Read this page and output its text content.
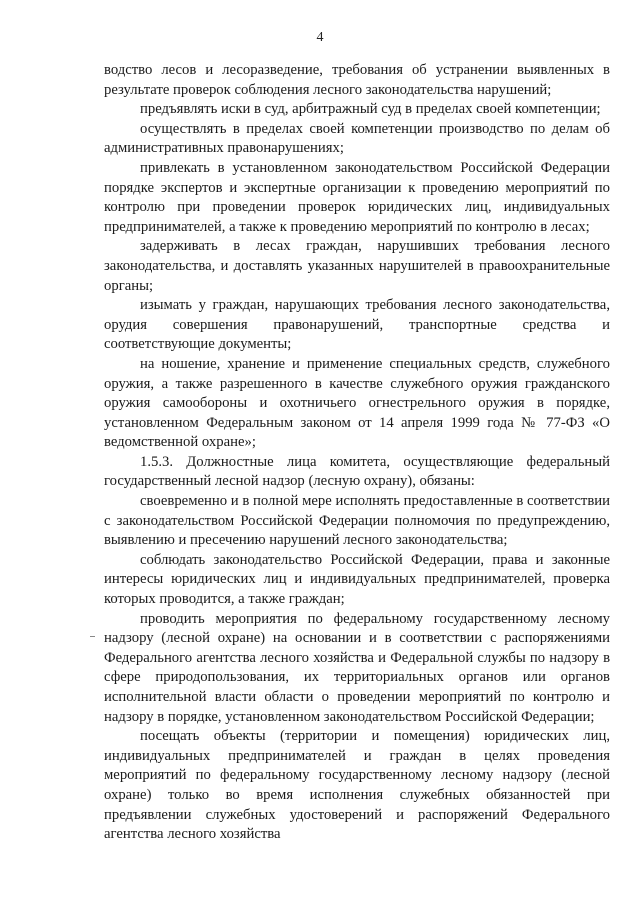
4

водство лесов и лесоразведение, требования об устранении выявленных в результате проверок соблюдения лесного законодательства нарушений;

предъявлять иски в суд, арбитражный суд в пределах своей компетенции;

осуществлять в пределах своей компетенции производство по делам об административных правонарушениях;

привлекать в установленном законодательством Российской Федерации порядке экспертов и экспертные организации к проведению мероприятий по контролю при проведении проверок юридических лиц, индивидуальных предпринимателей, а также к проведению мероприятий по контролю в лесах;

задерживать в лесах граждан, нарушивших требования лесного законодательства, и доставлять указанных нарушителей в правоохранительные органы;

изымать у граждан, нарушающих требования лесного законодательства, орудия совершения правонарушений, транспортные средства и соответствующие документы;

на ношение, хранение и применение специальных средств, служебного оружия, а также разрешенного в качестве служебного оружия гражданского оружия самообороны и охотничьего огнестрельного оружия в порядке, установленном Федеральным законом от 14 апреля 1999 года № 77-ФЗ «О ведомственной охране»;

1.5.3. Должностные лица комитета, осуществляющие федеральный государственный лесной надзор (лесную охрану), обязаны:

своевременно и в полной мере исполнять предоставленные в соответствии с законодательством Российской Федерации полномочия по предупреждению, выявлению и пресечению нарушений лесного законодательства;

соблюдать законодательство Российской Федерации, права и законные интересы юридических лиц и индивидуальных предпринимателей, проверка которых проводится, а также граждан;

проводить мероприятия по федеральному государственному лесному надзору (лесной охране) на основании и в соответствии с распоряжениями Федерального агентства лесного хозяйства и Федеральной службы по надзору в сфере природопользования, их территориальных органов или органов исполнительной власти области о проведении мероприятий по контролю и надзору в порядке, установленном законодательством Российской Федерации;

посещать объекты (территории и помещения) юридических лиц, индивидуальных предпринимателей и граждан в целях проведения мероприятий по федеральному государственному лесному надзору (лесной охране) только во время исполнения служебных обязанностей при предъявлении служебных удостоверений и распоряжений Федерального агентства лесного хозяйства
